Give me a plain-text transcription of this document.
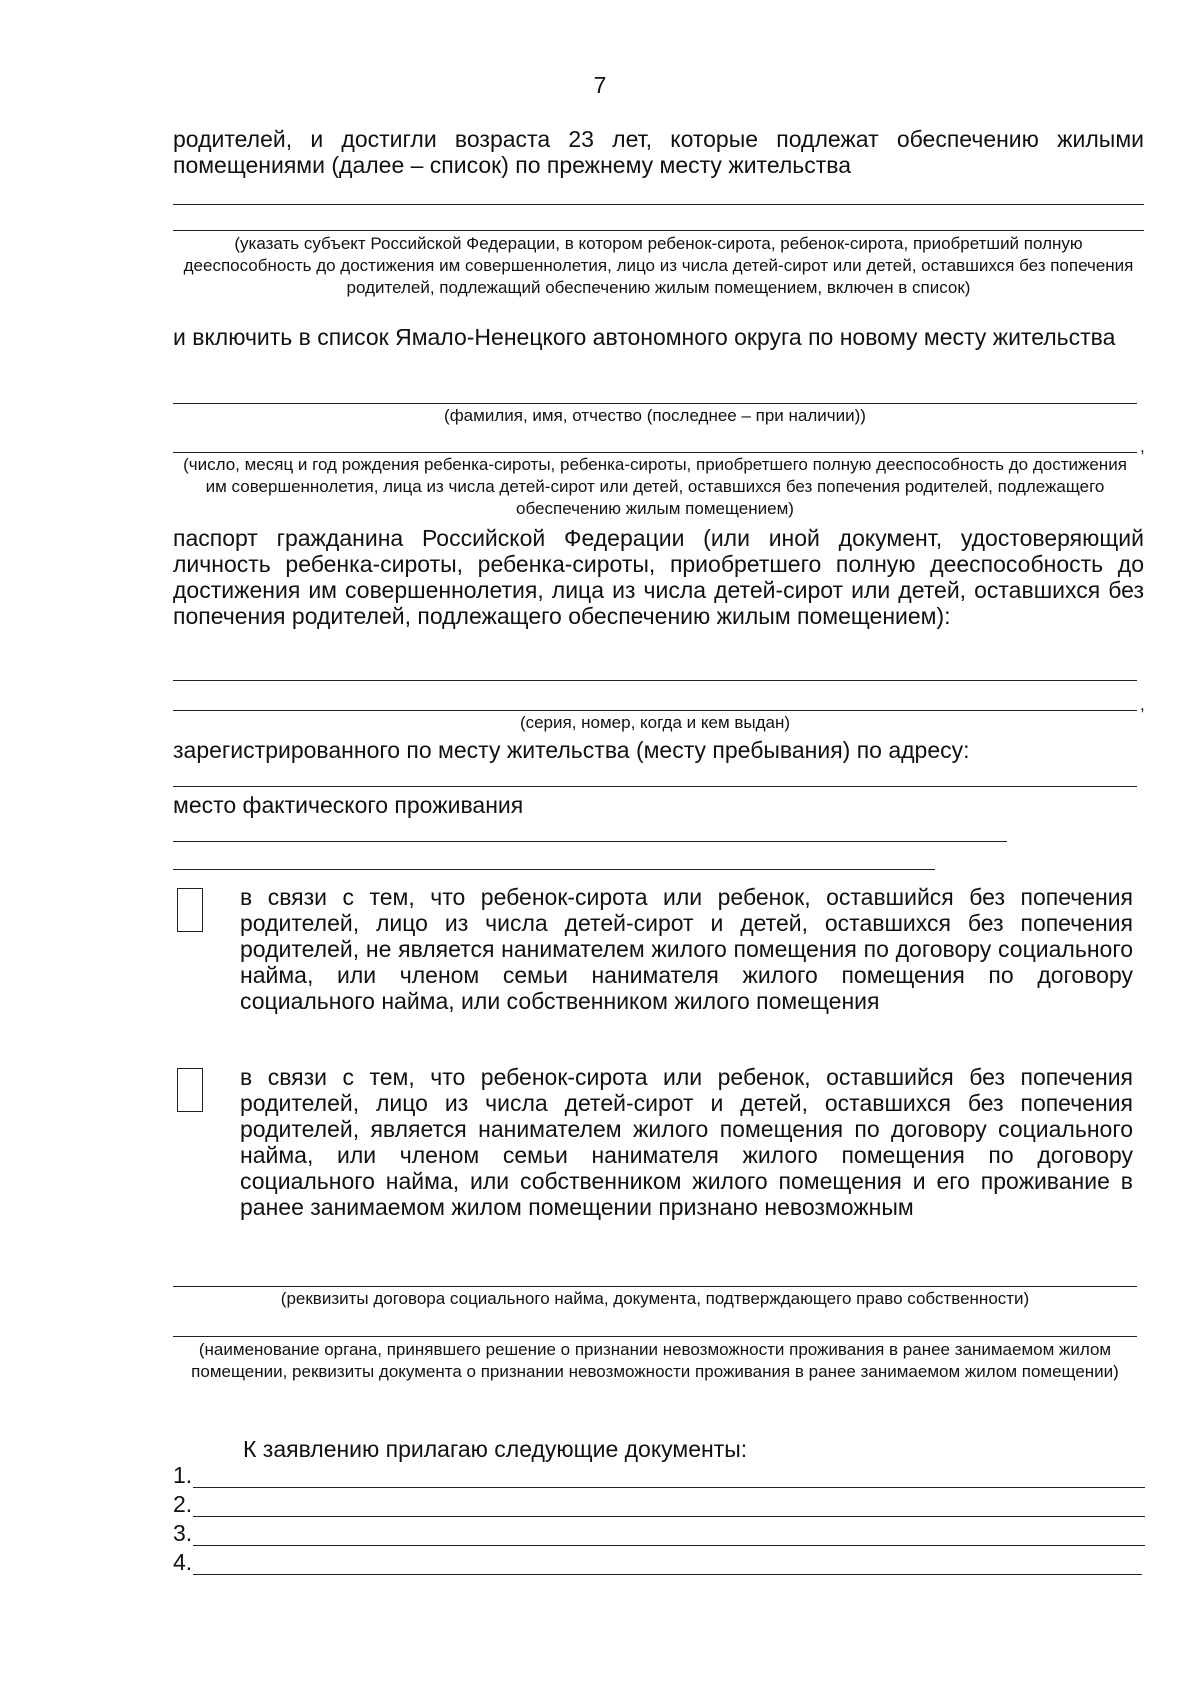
7
родителей, и достигли возраста 23 лет, которые подлежат обеспечению жилыми помещениями (далее – список) по прежнему месту жительства
(указать субъект Российской Федерации, в котором ребенок-сирота, ребенок-сирота, приобретший полную дееспособность до достижения им совершеннолетия, лицо из числа детей-сирот или детей, оставшихся без попечения родителей, подлежащий обеспечению жилым помещением, включен в список)
и включить в список Ямало-Ненецкого автономного округа по новому месту жительства
(фамилия, имя, отчество (последнее – при наличии))
,
(число, месяц и год рождения ребенка-сироты, ребенка-сироты, приобретшего полную дееспособность до достижения им совершеннолетия, лица из числа детей-сирот или детей, оставшихся без попечения родителей, подлежащего обеспечению жилым помещением)
паспорт гражданина Российской Федерации (или иной документ, удостоверяющий личность ребенка-сироты, ребенка-сироты, приобретшего полную дееспособность до достижения им совершеннолетия, лица из числа детей-сирот или детей, оставшихся без попечения родителей, подлежащего обеспечению жилым помещением):
,
(серия, номер, когда и кем выдан)
зарегистрированного по месту жительства (месту пребывания) по адресу:
место фактического проживания
в связи с тем, что ребенок-сирота или ребенок, оставшийся без попечения родителей, лицо из числа детей-сирот и детей, оставшихся без попечения родителей, не является нанимателем жилого помещения по договору социального найма, или членом семьи нанимателя жилого помещения по договору социального найма, или собственником жилого помещения
в связи с тем, что ребенок-сирота или ребенок, оставшийся без попечения родителей, лицо из числа детей-сирот и детей, оставшихся без попечения родителей, является нанимателем жилого помещения по договору социального найма, или членом семьи нанимателя жилого помещения по договору социального найма, или собственником жилого помещения и его проживание в ранее занимаемом жилом помещении признано невозможным
(реквизиты договора социального найма, документа, подтверждающего право собственности)
(наименование органа, принявшего решение о признании невозможности проживания в ранее занимаемом жилом помещении, реквизиты документа о признании невозможности проживания в ранее занимаемом жилом помещении)
К заявлению прилагаю следующие документы:
1.
2.
3.
4.
